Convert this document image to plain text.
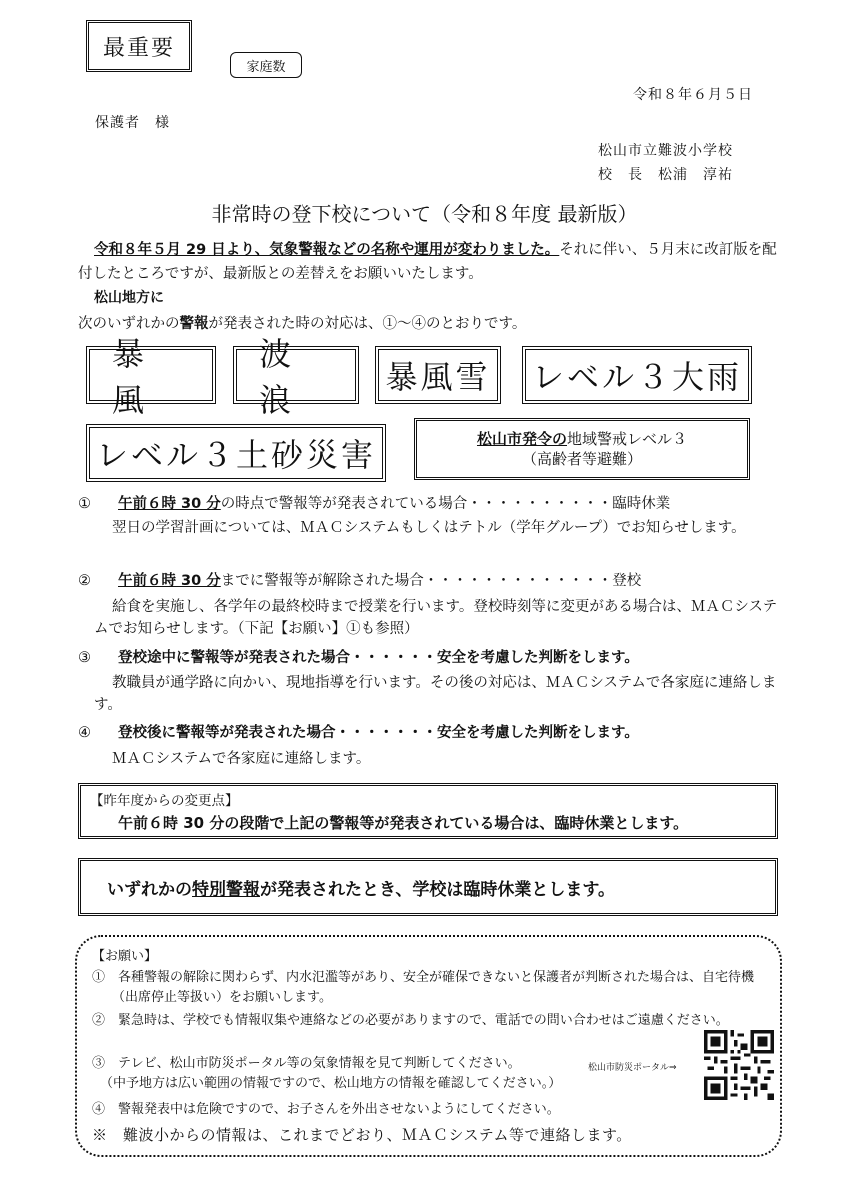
最重要
家庭数
令和８年６月５日
保護者　様
松山市立難波小学校
校　長　松浦　淳祐
非常時の登下校について（令和８年度 最新版）
令和８年５月 29 日より、気象警報などの名称や運用が変わりました。それに伴い、５月末に改訂版を配付したところですが、最新版との差替えをお願いいたします。
松山地方に
次のいずれかの警報が発表された時の対応は、①～④のとおりです。
暴風
波浪
暴風雪	レベル３大雨
レベル３土砂災害	松山市発令の地域警戒レベル３
（高齢者等避難）
① 午前６時 30 分の時点で警報等が発表されている場合・・・・・・・・・・臨時休業
翌日の学習計画については、ＭＡＣシステムもしくはテトル（学年グループ）でお知らせします。
② 午前６時 30 分までに警報等が解除された場合・・・・・・・・・・・・・登校
給食を実施し、各学年の最終校時まで授業を行います。登校時刻等に変更がある場合は、ＭＡＣシステムでお知らせします。（下記【お願い】①も参照）
③ 登校途中に警報等が発表された場合・・・・・・安全を考慮した判断をします。
教職員が通学路に向かい、現地指導を行います。その後の対応は、ＭＡＣシステムで各家庭に連絡します。
④ 登校後に警報等が発表された場合・・・・・・・安全を考慮した判断をします。
ＭＡＣシステムで各家庭に連絡します。
【昨年度からの変更点】
午前６時 30 分の段階で上記の警報等が発表されている場合は、臨時休業とします。
いずれかの 特別警報 が発表されたとき、学校は臨時休業とします。
【お願い】
①　各種警報の解除に関わらず、内水氾濫等があり、安全が確保できないと保護者が判断された場合は、自宅待機（出席停止等扱い）をお願いします。
②　緊急時は、学校でも情報収集や連絡などの必要がありますので、電話での問い合わせはご遠慮ください。
③　テレビ、松山市防災ポータル等の気象情報を見て判断してください。
（中予地方は広い範囲の情報ですので、松山地方の情報を確認してください。）
④　警報発表中は危険ですので、お子さんを外出させないようにしてください。
※　難波小からの情報は、これまでどおり、ＭＡＣシステム等で連絡します。
松山市防災ポータル⇒
